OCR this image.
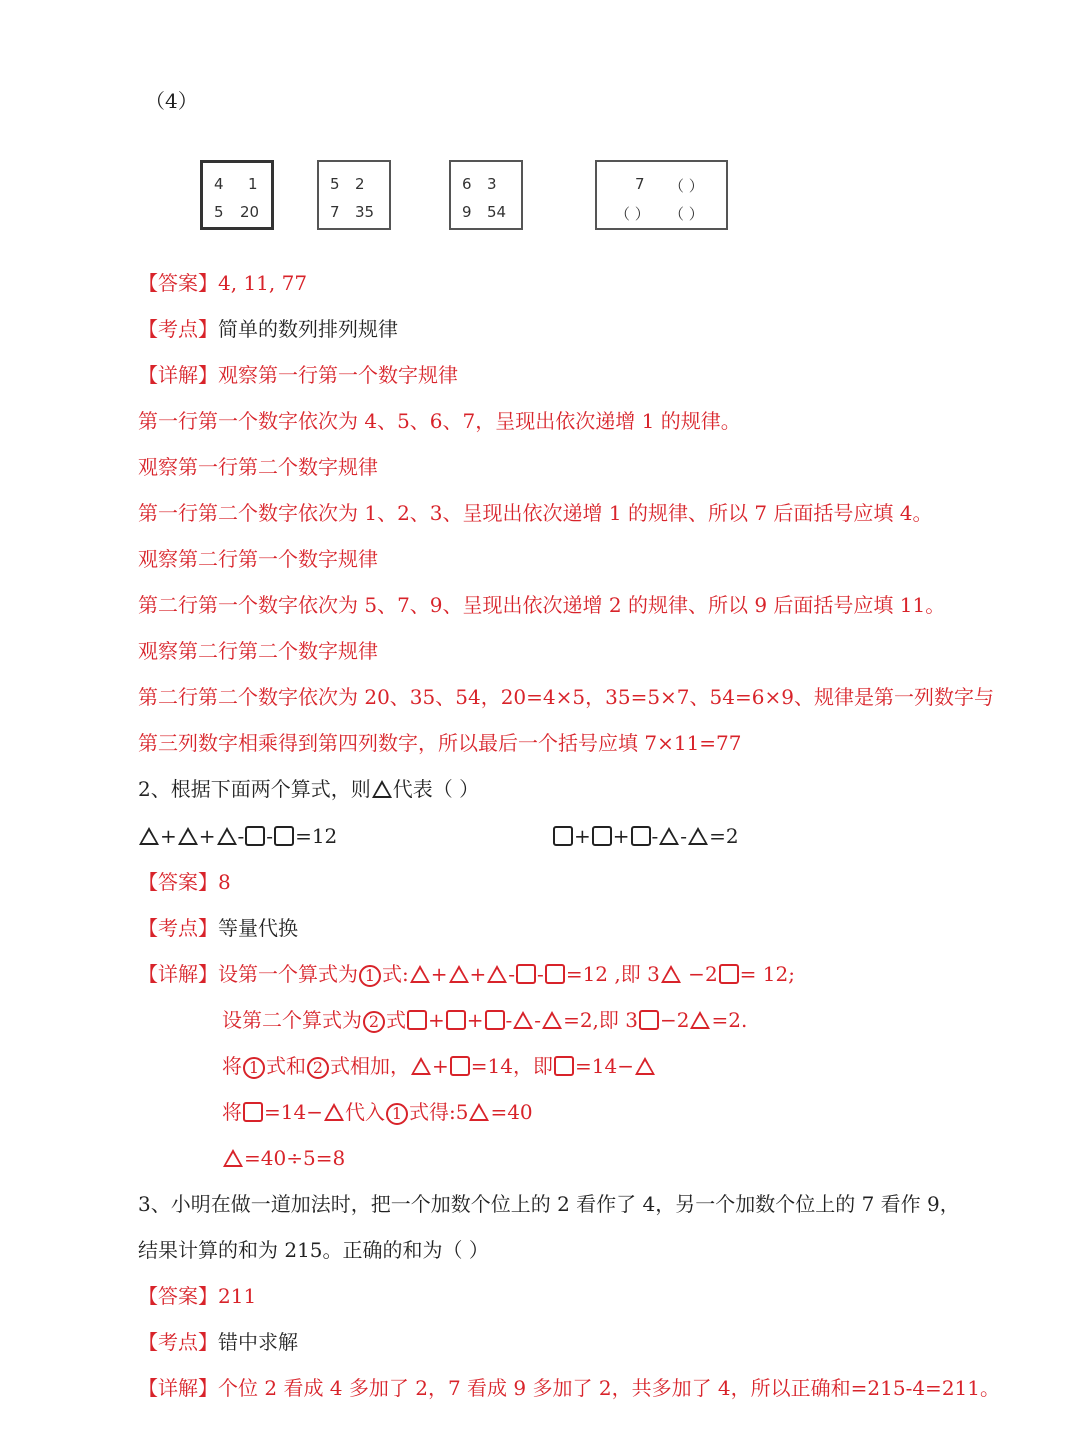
（4）
4 1
5 20
5 2
7 35
6 3
9 54
7 （ ）
（ ） （ ）
【答案】4, 11, 77
【考点】简单的数列排列规律
【详解】观察第一行第一个数字规律
第一行第一个数字依次为 4、5、6、7，呈现出依次递增 1 的规律。
观察第一行第二个数字规律
第一行第二个数字依次为 1、2、3、呈现出依次递增 1 的规律、所以 7 后面括号应填 4。
观察第二行第一个数字规律
第二行第一个数字依次为 5、7、9、呈现出依次递增 2 的规律、所以 9 后面括号应填 11。
观察第二行第二个数字规律
第二行第二个数字依次为 20、35、54，20=4×5，35=5×7、54=6×9、规律是第一列数字与
第三列数字相乘得到第四列数字，所以最后一个括号应填 7×11=77
2、根据下面两个算式，则 代表（ ）
+ + - - =12	+ + - - =2
【答案】8
【考点】等量代换
【详解】设第一个算式为 1 式: + + - - =12 ,即 3 −2 = 12;
设第二个算式为 2 式 + + - - =2,即 3 −2 =2.
将 1 式和 2 式相加， + =14，即 =14−
将 =14− 代入 1 式得:5 =40
=40÷5=8
3、小明在做一道加法时，把一个加数个位上的 2 看作了 4，另一个加数个位上的 7 看作 9，
结果计算的和为 215。正确的和为（ ）
【答案】211
【考点】错中求解
【详解】个位 2 看成 4 多加了 2，7 看成 9 多加了 2，共多加了 4，所以正确和=215-4=211。
